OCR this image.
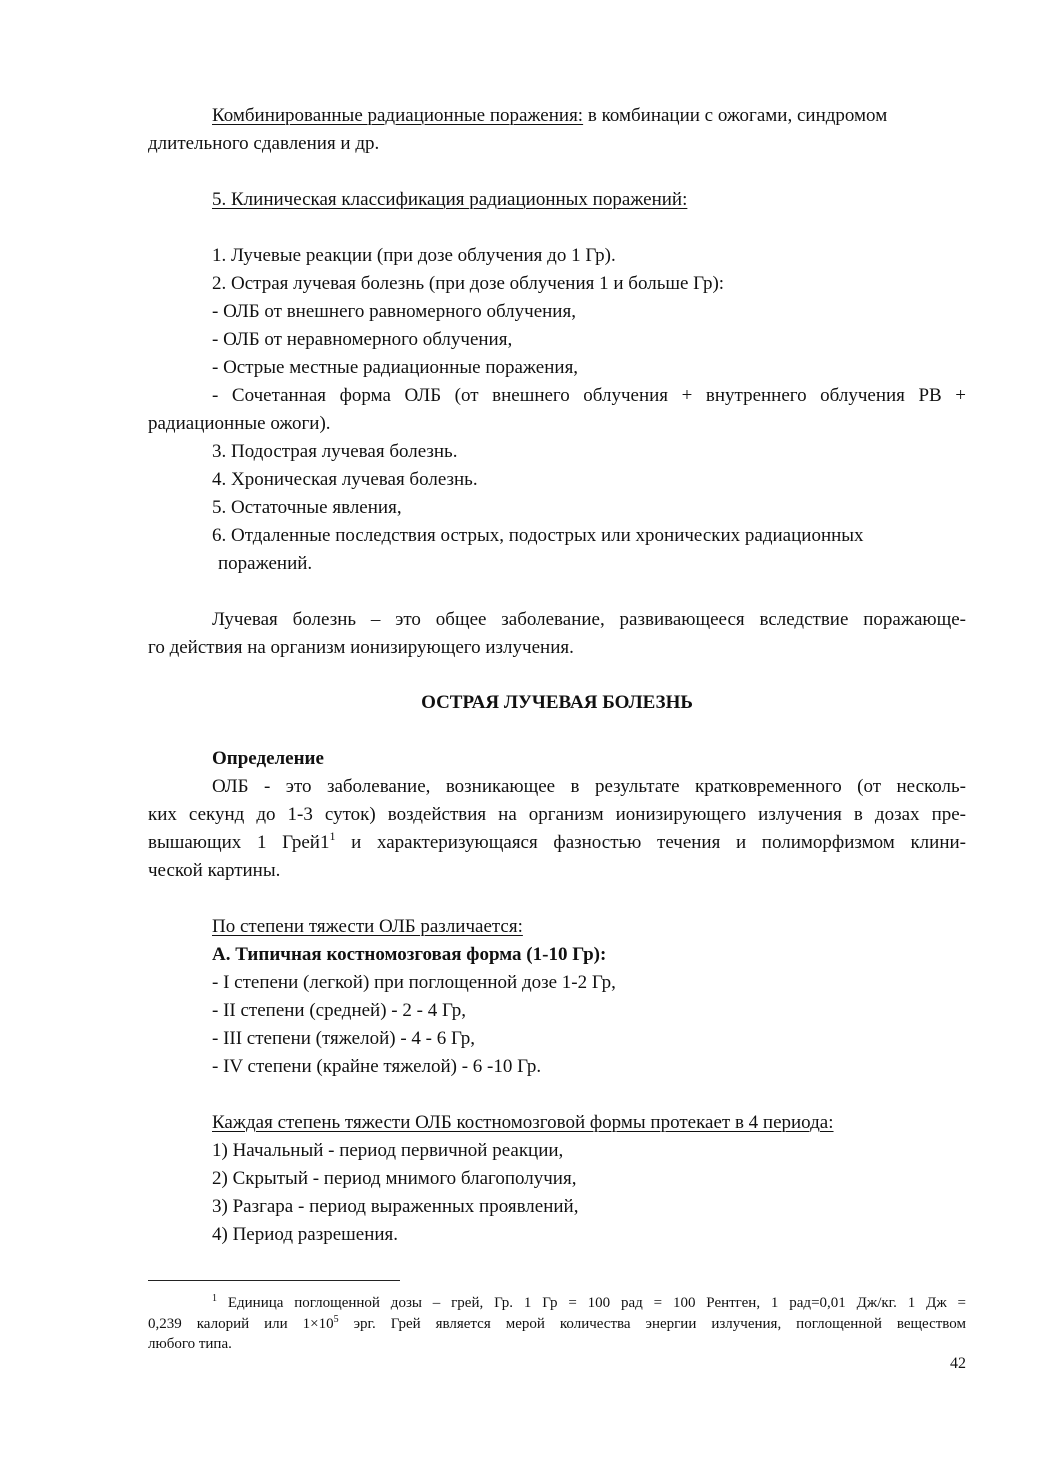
Комбинированные радиационные поражения: в комбинации с ожогами, синдромом
длительного сдавления и др.
5. Клиническая классификация радиационных поражений:
1. Лучевые реакции (при дозе облучения до 1 Гр).
2. Острая лучевая болезнь (при дозе облучения 1 и больше Гр):
- ОЛБ от внешнего равномерного облучения,
- ОЛБ от неравномерного облучения,
- Острые местные радиационные поражения,
- Сочетанная форма ОЛБ (от внешнего облучения + внутреннего облучения РВ +
радиационные ожоги).
3. Подострая лучевая болезнь.
4. Хроническая лучевая болезнь.
5. Остаточные явления,
6. Отдаленные последствия острых, подострых или хронических радиационных
поражений.
Лучевая болезнь – это общее заболевание, развивающееся вследствие поражающе-
го действия на организм ионизирующего излучения.
ОСТРАЯ ЛУЧЕВАЯ БОЛЕЗНЬ
Определение
ОЛБ - это заболевание, возникающее в результате кратковременного (от несколь-
ких секунд до 1-3 суток) воздействия на организм ионизирующего излучения в дозах пре-
вышающих 1 $Грей1^1$ и характеризующаяся фазностью течения и полиморфизмом клини-
ческой картины.
По степени тяжести ОЛБ различается:
А. Типичная костномозговая форма (1-10 Гр):
- I степени (легкой) при поглощенной дозе 1-2 Гр,
- II степени (средней) - 2 - 4 Гр,
- III степени (тяжелой) - 4 - 6 Гр,
- IV степени (крайне тяжелой) - 6 -10 Гр.
Каждая степень тяжести ОЛБ костномозговой формы протекает в 4 периода:
1) Начальный - период первичной реакции,
2) Скрытый - период мнимого благополучия,
3) Разгара - период выраженных проявлений,
4) Период разрешения.
$^1$ Единица поглощенной дозы – грей, Гр. 1 Гр = 100 рад = 100 Рентген, 1 рад=0,01 Дж/кг. 1 Дж =
0,239 калорий или $1\times 10^5$ эрг. Грей является мерой количества энергии излучения, поглощенной веществом
любого типа.
42
